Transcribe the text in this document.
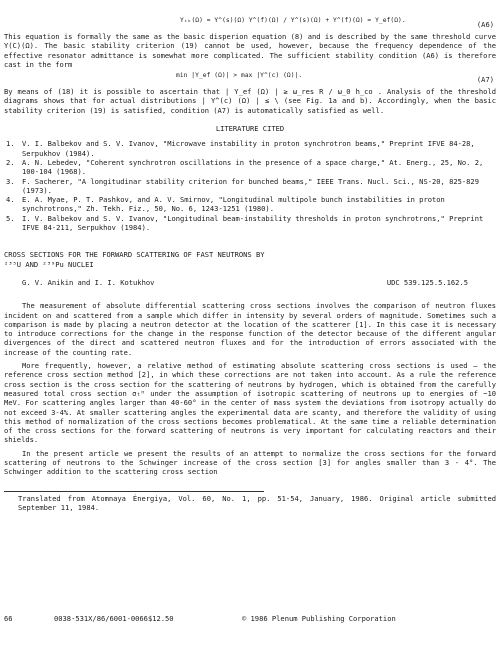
Yᵢₖ(Ω) = Y^(s)(Ω) Y^(f)(Ω) / Y^(s)(Ω) + Y^(f)(Ω) = Y_ef(Ω).	(A6)

This equation is formally the same as the basic disperion equation (8) and is described by the same threshold curve Y(C)(Ω). The basic stability criterion (19) cannot be used, however, because the frequency dependence of the effective resonator admittance is somewhat more complicated. The sufficient stability condition (A6) is therefore cast in the form

min |Y_ef (Ω)| > max |Y^(c) (Ω)|.	(A7)

By means of (18) it is possible to ascertain that | Y_ef (Ω) | ≥ ω_res R / ω_0 h_co . Analysis of the threshold diagrams shows that for actual distributions | Y^(c) (Ω) | ≤ \ (see Fig. 1a and b). Accordingly, when the basic stability criterion (19) is satisfied, condition (A7) is automatically satisfied as well.

LITERATURE CITED

1. V. I. Balbekov and S. V. Ivanov, "Microwave instability in proton synchrotron beams," Preprint IFVE 84-28, Serpukhov (1984).
2. A. N. Lebedev, "Coherent synchrotron oscillations in the presence of a space charge," At. Energ., 25, No. 2, 100-104 (1968).
3. F. Sacherer, "A longitudinar stability criterion for bunched beams," IEEE Trans. Nucl. Sci., NS-20, 825-829 (1973).
4. E. A. Myae, P. T. Pashkov, and A. V. Smirnov, "Longitudinal multipole bunch instabilities in proton synchrotrons," Zh. Tekh. Fiz., 50, No. 6, 1243-1251 (1980).
5. I. V. Balbekov and S. V. Ivanov, "Longitudinal beam-instability thresholds in proton synchrotrons," Preprint IFVE 84-211, Serpukhov (1984).

CROSS SECTIONS FOR THE FORWARD SCATTERING OF FAST NEUTRONS BY

²³⁵U AND ²³⁹Pu NUCLEI

G. V. Anikin and I. I. Kotukhov	UDC 539.125.5.162.5

The measurement of absolute differential scattering cross sections involves the comparison of neutron fluxes incident on and scattered from a sample which differ in intensity by several orders of magnitude. Sometimes such a comparison is made by placing a neutron detector at the location of the scatterer [1]. In this case it is necessary to introduce corrections for the change in the response function of the detector because of the different angular divergences of the direct and scattered neutron fluxes and for the introduction of errors associated with the increase of the counting rate.

More frequently, however, a relative method of estimating absolute scattering cross sections is used — the reference cross section method [2], in which these corrections are not taken into account. As a rule the reference cross section is the cross section for the scattering of neutrons by hydrogen, which is obtained from the carefully measured total cross section σₜᴴ under the assumption of isotropic scattering of neutrons up to energies of ~10 MeV. For scattering angles larger than 40-60° in the center of mass system the deviations from isotropy actually do not exceed 3-4%. At smaller scattering angles the experimental data are scanty, and therefore the validity of using this method of normalization of the cross sections becomes problematical. At the same time a reliable determination of the cross sections for the forward scattering of neutrons is very important for calculating reactors and their shields.

In the present article we present the results of an attempt to normalize the cross sections for the forward scattering of neutrons to the Schwinger increase of the cross section [3] for angles smaller than 3 - 4°. The Schwinger addition to the scattering cross section

Translated from Atomnaya Énergiya, Vol. 60, No. 1, pp. 51-54, January, 1986. Original article submitted September 11, 1984.

66	0038-531X/86/6001-0066$12.50	© 1986 Plenum Publishing Corporation
